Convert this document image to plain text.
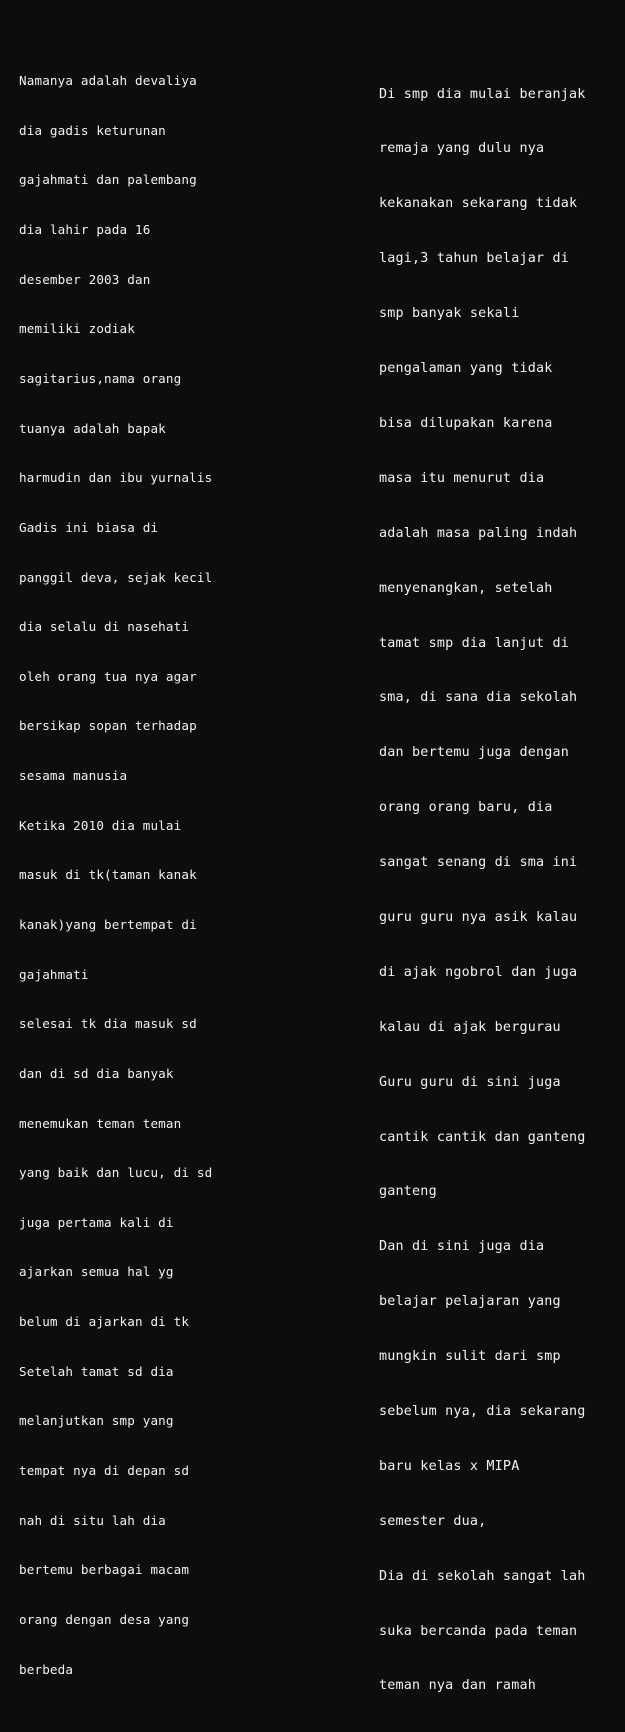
Namanya adalah devaliya

dia gadis keturunan

gajahmati dan palembang

dia lahir pada 16

desember 2003 dan

memiliki zodiak

sagitarius,nama orang

tuanya adalah bapak

harmudin dan ibu yurnalis

Gadis ini biasa di

panggil deva, sejak kecil

dia selalu di nasehati

oleh orang tua nya agar

bersikap sopan terhadap

sesama manusia

Ketika 2010 dia mulai

masuk di tk(taman kanak

kanak)yang bertempat di

gajahmati

selesai tk dia masuk sd

dan di sd dia banyak

menemukan teman teman

yang baik dan lucu, di sd

juga pertama kali di

ajarkan semua hal yg

belum di ajarkan di tk

Setelah tamat sd dia

melanjutkan smp yang

tempat nya di depan sd

nah di situ lah dia

bertemu berbagai macam

orang dengan desa yang

berbeda

Di smp dia mulai beranjak

remaja yang dulu nya

kekanakan sekarang tidak

lagi,3 tahun belajar di

smp banyak sekali

pengalaman yang tidak

bisa dilupakan karena

masa itu menurut dia

adalah masa paling indah

menyenangkan, setelah

tamat smp dia lanjut di

sma, di sana dia sekolah

dan bertemu juga dengan

orang orang baru, dia

sangat senang di sma ini

guru guru nya asik kalau

di ajak ngobrol dan juga

kalau di ajak bergurau

Guru guru di sini juga

cantik cantik dan ganteng

ganteng

Dan di sini juga dia

belajar pelajaran yang

mungkin sulit dari smp

sebelum nya, dia sekarang

baru kelas x MIPA

semester dua,

Dia di sekolah sangat lah

suka bercanda pada teman

teman nya dan ramah
